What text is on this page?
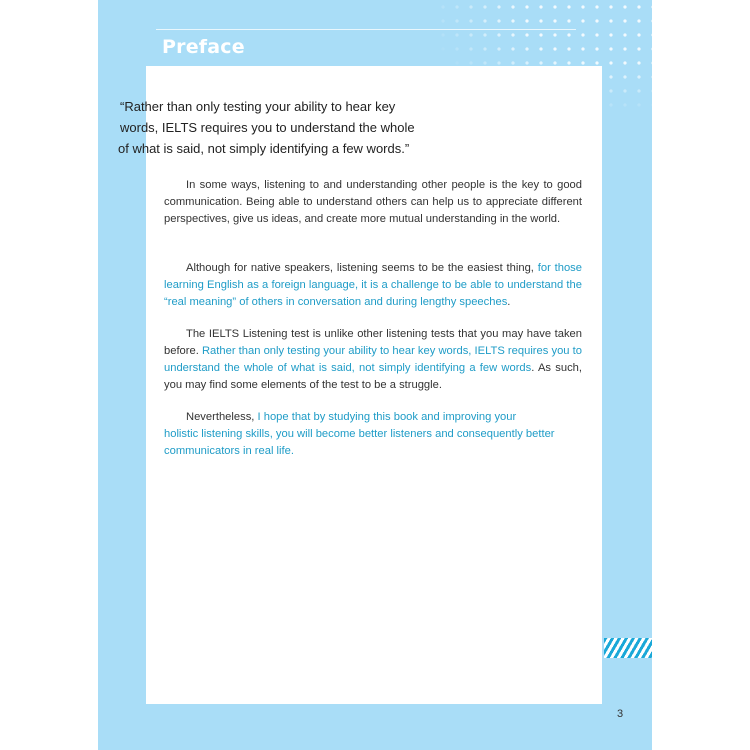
Preface
3

“Rather than only testing your ability to hear key
words, IELTS requires you to understand the whole
of what is said, not simply identifying a few words.”

In some ways, listening to and understanding other people is the key to good communication. Being able to understand others can help us to appreciate different perspectives, give us ideas, and create more mutual understanding in the world.

Although for native speakers, listening seems to be the easiest thing, for those learning English as a foreign language, it is a challenge to be able to understand the “real meaning” of others in conversation and during lengthy speeches.

The IELTS Listening test is unlike other listening tests that you may have taken before. Rather than only testing your ability to hear key words, IELTS requires you to understand the whole of what is said, not simply identifying a few words. As such, you may find some elements of the test to be a struggle.

Nevertheless, I hope that by studying this book and improving your
holistic listening skills, you will become better listeners and consequently better communicators in real life.
